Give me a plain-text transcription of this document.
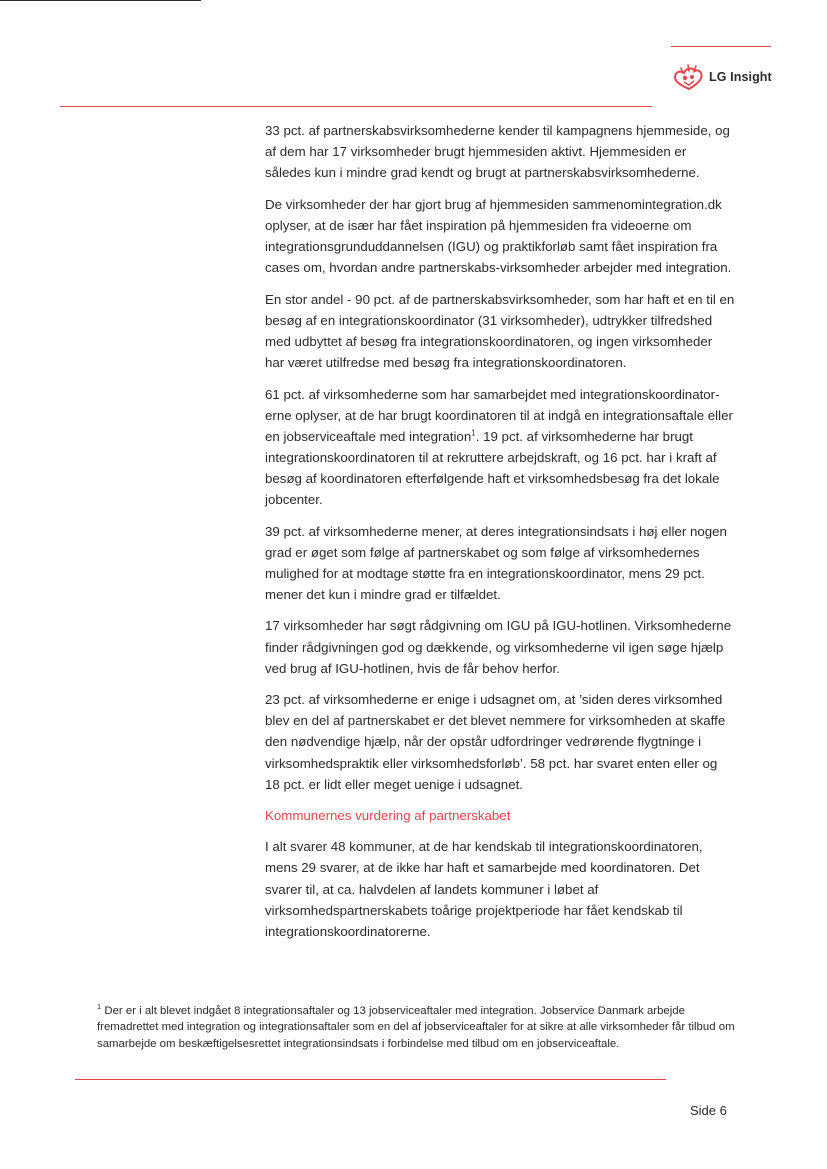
LG Insight

33 pct. af partnerskabsvirksomhederne kender til kampagnens hjemmeside, og af dem har 17 virksomheder brugt hjemmesiden aktivt. Hjemmesiden er således kun i mindre grad kendt og brugt at partnerskabsvirksomhederne.

De virksomheder der har gjort brug af hjemmesiden sammenomintegration.dk oplyser, at de især har fået inspiration på hjemmesiden fra videoerne om integrationsgrunduddannelsen (IGU) og praktikforløb samt fået inspiration fra cases om, hvordan andre partnerskabs-virksomheder arbejder med integration.

En stor andel - 90 pct. af de partnerskabsvirksomheder, som har haft et en til en besøg af en integrationskoordinator (31 virksomheder), udtrykker tilfredshed med udbyttet af besøg fra integrationskoordinatoren, og ingen virksomheder har været utilfredse med besøg fra integrationskoordinatoren.

61 pct. af virksomhederne som har samarbejdet med integrationskoordinator-erne oplyser, at de har brugt koordinatoren til at indgå en integrationsaftale eller en jobserviceaftale med integration$^1$. 19 pct. af virksomhederne har brugt integrationskoordinatoren til at rekruttere arbejdskraft, og 16 pct. har i kraft af besøg af koordinatoren efterfølgende haft et virksomhedsbesøg fra det lokale jobcenter.

39 pct. af virksomhederne mener, at deres integrationsindsats i høj eller nogen grad er øget som følge af partnerskabet og som følge af virksomhedernes mulighed for at modtage støtte fra en integrationskoordinator, mens 29 pct. mener det kun i mindre grad er tilfældet.

17 virksomheder har søgt rådgivning om IGU på IGU-hotlinen. Virksomhederne finder rådgivningen god og dækkende, og virksomhederne vil igen søge hjælp ved brug af IGU-hotlinen, hvis de får behov herfor.

23 pct. af virksomhederne er enige i udsagnet om, at ’siden deres virksomhed blev en del af partnerskabet er det blevet nemmere for virksomheden at skaffe den nødvendige hjælp, når der opstår udfordringer vedrørende flygtninge i virksomhedspraktik eller virksomhedsforløb’. 58 pct. har svaret enten eller og 18 pct. er lidt eller meget uenige i udsagnet.

Kommunernes vurdering af partnerskabet

I alt svarer 48 kommuner, at de har kendskab til integrationskoordinatoren, mens 29 svarer, at de ikke har haft et samarbejde med koordinatoren. Det svarer til, at ca. halvdelen af landets kommuner i løbet af virksomhedspartnerskabets toårige projektperiode har fået kendskab til integrationskoordinatorerne.

$^1$ Der er i alt blevet indgået 8 integrationsaftaler og 13 jobserviceaftaler med integration. Jobservice Danmark arbejde fremadrettet med integration og integrationsaftaler som en del af jobserviceaftaler for at sikre at alle virksomheder får tilbud om samarbejde om beskæftigelsesrettet integrationsindsats i forbindelse med tilbud om en jobserviceaftale.
Side 6
